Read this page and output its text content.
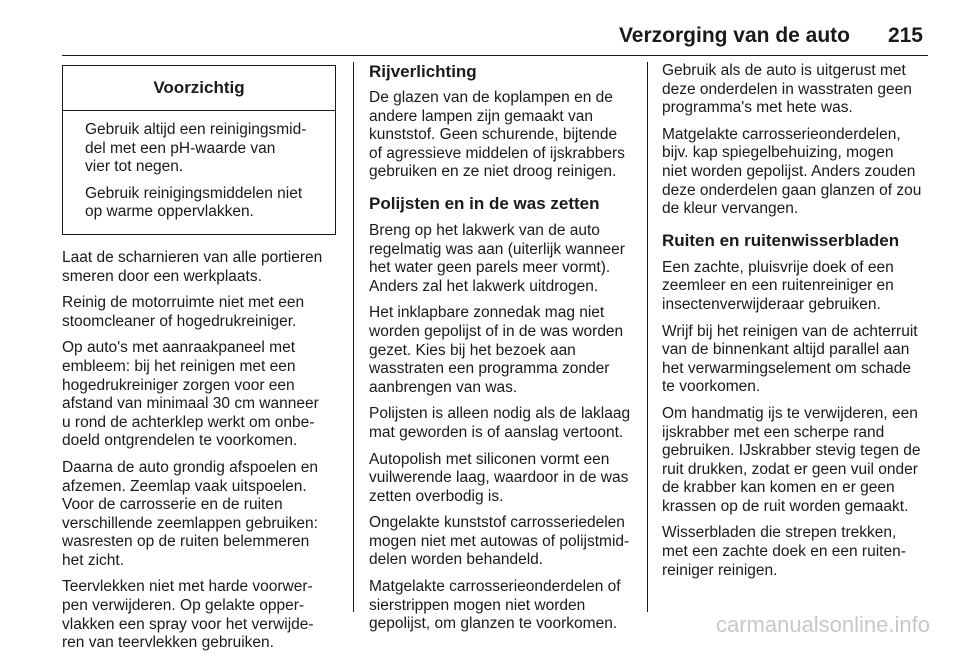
Verzorging van de auto 215
Voorzichtig

Gebruik altijd een reinigingsmid-
del met een pH-waarde van
vier tot negen.

Gebruik reinigingsmiddelen niet
op warme oppervlakken.

Laat de scharnieren van alle portieren
smeren door een werkplaats.

Reinig de motorruimte niet met een
stoomcleaner of hogedrukreiniger.

Op auto's met aanraakpaneel met
embleem: bij het reinigen met een
hogedrukreiniger zorgen voor een
afstand van minimaal 30 cm wanneer
u rond de achterklep werkt om onbe-
doeld ontgrendelen te voorkomen.

Daarna de auto grondig afspoelen en
afzemen. Zeemlap vaak uitspoelen.
Voor de carrosserie en de ruiten
verschillende zeemlappen gebruiken:
wasresten op de ruiten belemmeren
het zicht.

Teervlekken niet met harde voorwer-
pen verwijderen. Op gelakte opper-
vlakken een spray voor het verwijde-
ren van teervlekken gebruiken.

Rijverlichting

De glazen van de koplampen en de
andere lampen zijn gemaakt van
kunststof. Geen schurende, bijtende
of agressieve middelen of ijskrabbers
gebruiken en ze niet droog reinigen.

Polijsten en in de was zetten

Breng op het lakwerk van de auto
regelmatig was aan (uiterlijk wanneer
het water geen parels meer vormt).
Anders zal het lakwerk uitdrogen.

Het inklapbare zonnedak mag niet
worden gepolijst of in de was worden
gezet. Kies bij het bezoek aan
wasstraten een programma zonder
aanbrengen van was.

Polijsten is alleen nodig als de laklaag
mat geworden is of aanslag vertoont.

Autopolish met siliconen vormt een
vuilwerende laag, waardoor in de was
zetten overbodig is.

Ongelakte kunststof carrosseriedelen
mogen niet met autowas of polijstmid-
delen worden behandeld.

Matgelakte carrosserieonderdelen of
sierstrippen mogen niet worden
gepolijst, om glanzen te voorkomen.

Gebruik als de auto is uitgerust met
deze onderdelen in wasstraten geen
programma's met hete was.

Matgelakte carrosserieonderdelen,
bijv. kap spiegelbehuizing, mogen
niet worden gepolijst. Anders zouden
deze onderdelen gaan glanzen of zou
de kleur vervangen.

Ruiten en ruitenwisserbladen

Een zachte, pluisvrije doek of een
zeemleer en een ruitenreiniger en
insectenverwijderaar gebruiken.

Wrijf bij het reinigen van de achterruit
van de binnenkant altijd parallel aan
het verwarmingselement om schade
te voorkomen.

Om handmatig ijs te verwijderen, een
ijskrabber met een scherpe rand
gebruiken. IJskrabber stevig tegen de
ruit drukken, zodat er geen vuil onder
de krabber kan komen en er geen
krassen op de ruit worden gemaakt.

Wisserbladen die strepen trekken,
met een zachte doek en een ruiten-
reiniger reinigen.

carmanualsonline.info
